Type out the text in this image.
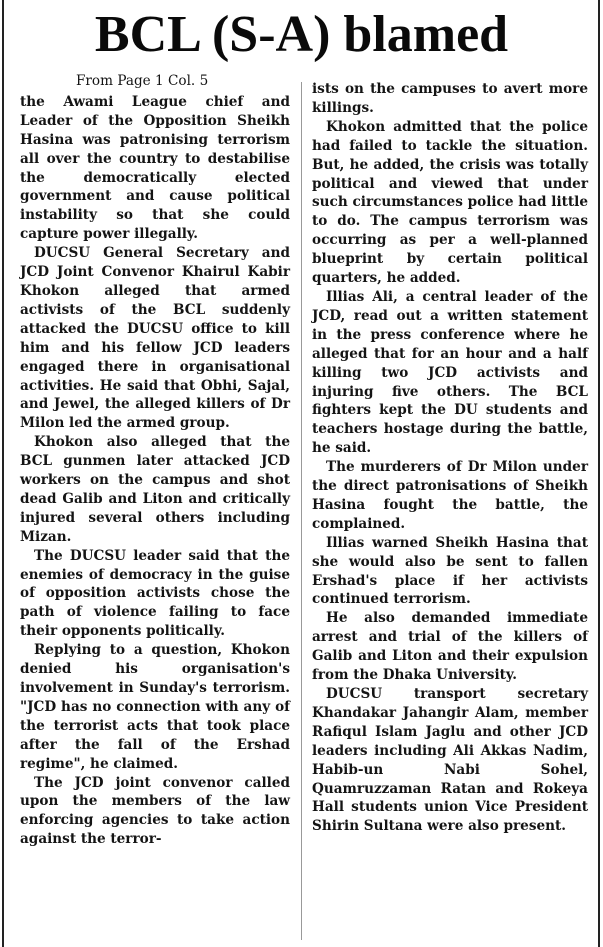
BCL (S-A) blamed
From Page 1 Col. 5

the Awami League chief and Leader of the Opposition Sheikh Hasina was patronising terrorism all over the country to destabilise the democratically elected government and cause political instability so that she could capture power illegally.

DUCSU General Secretary and JCD Joint Convenor Khairul Kabir Khokon alleged that armed activists of the BCL suddenly attacked the DUCSU office to kill him and his fellow JCD leaders engaged there in organisational activities. He said that Obhi, Sajal, and Jewel, the alleged killers of Dr Milon led the armed group.

Khokon also alleged that the BCL gunmen later attacked JCD workers on the campus and shot dead Galib and Liton and critically injured several others including Mizan.

The DUCSU leader said that the enemies of democracy in the guise of opposition activists chose the path of violence failing to face their opponents politically.

Replying to a question, Khokon denied his organisation's involvement in Sunday's terrorism. "JCD has no connection with any of the terrorist acts that took place after the fall of the Ershad regime", he claimed.

The JCD joint convenor called upon the members of the law enforcing agencies to take action against the terror-

ists on the campuses to avert more killings.

Khokon admitted that the police had failed to tackle the situation. But, he added, the crisis was totally political and viewed that under such circumstances police had little to do. The campus terrorism was occurring as per a well-planned blueprint by certain political quarters, he added.

Illias Ali, a central leader of the JCD, read out a written statement in the press conference where he alleged that for an hour and a half killing two JCD activists and injuring five others. The BCL fighters kept the DU students and teachers hostage during the battle, he said.

The murderers of Dr Milon under the direct patronisations of Sheikh Hasina fought the battle, the complained.

Illias warned Sheikh Hasina that she would also be sent to fallen Ershad's place if her activists continued terrorism.

He also demanded immediate arrest and trial of the killers of Galib and Liton and their expulsion from the Dhaka University.

DUCSU transport secretary Khandakar Jahangir Alam, member Rafiqul Islam Jaglu and other JCD leaders including Ali Akkas Nadim, Habib-un Nabi Sohel, Quamruzzaman Ratan and Rokeya Hall students union Vice President Shirin Sultana were also present.
